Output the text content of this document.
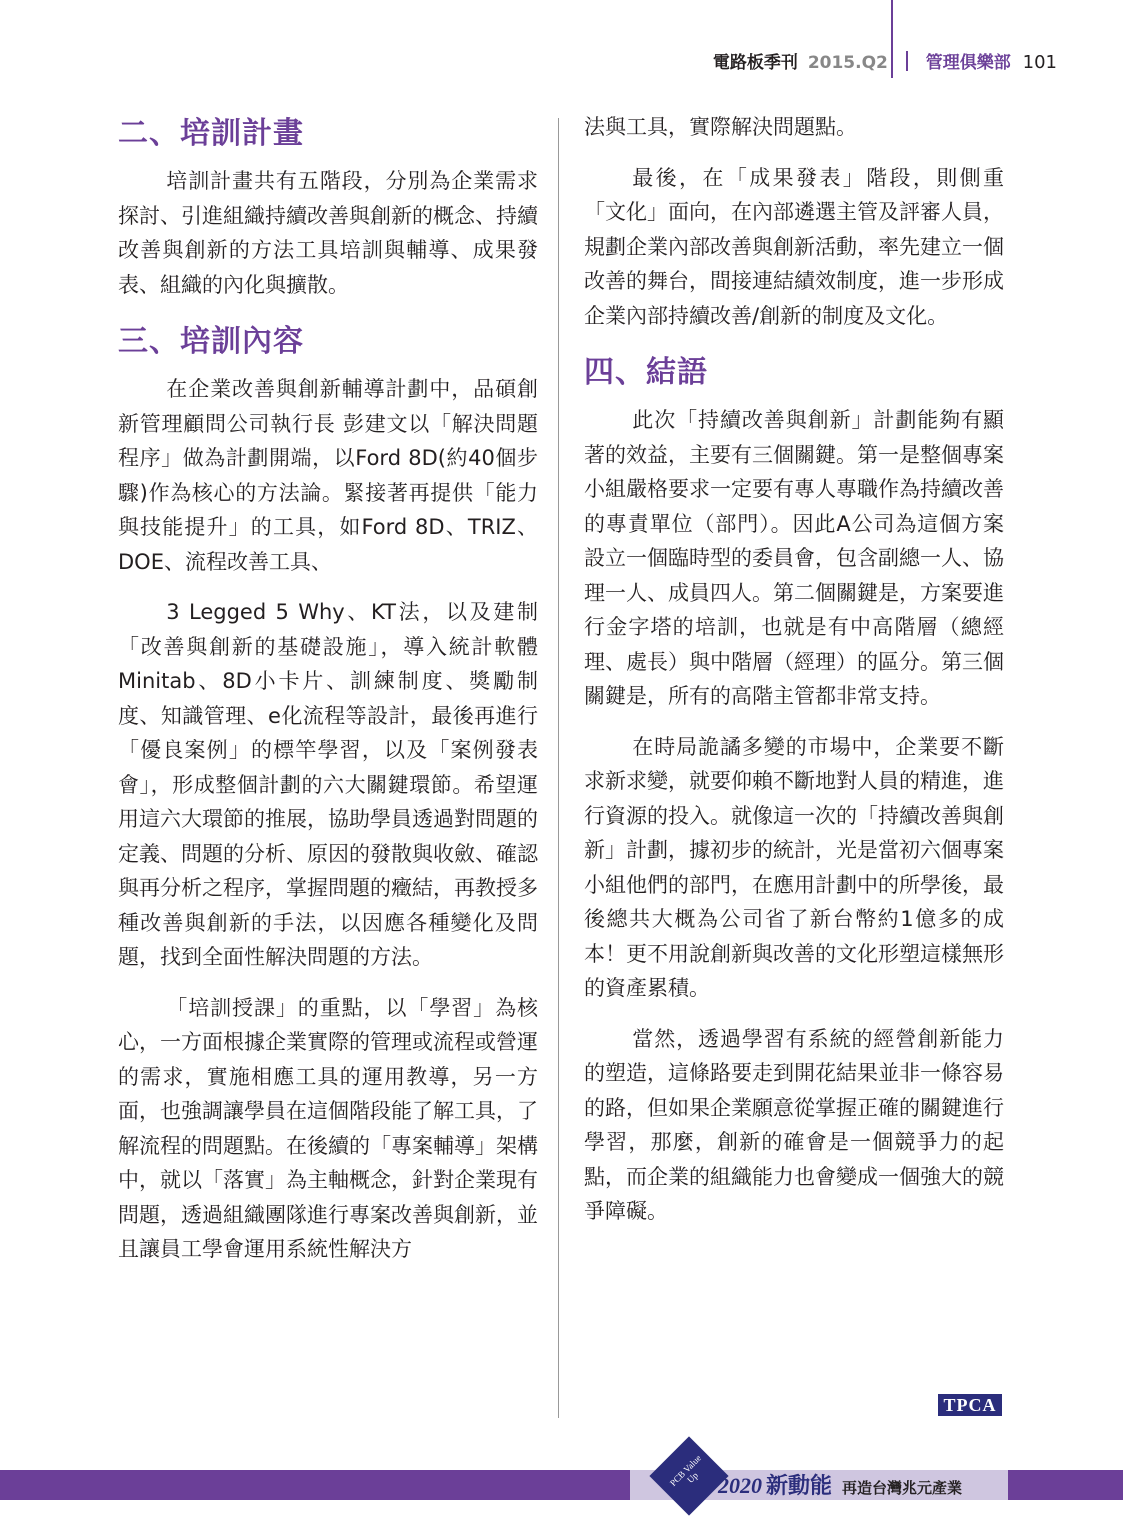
電路板季刊 2015.Q2 管理俱樂部 101
二、培訓計畫

培訓計畫共有五階段，分別為企業需求探討、引進組織持續改善與創新的概念、持續改善與創新的方法工具培訓與輔導、成果發表、組織的內化與擴散。

三、培訓內容

在企業改善與創新輔導計劃中，品碩創新管理顧問公司執行長 彭建文以「解決問題程序」做為計劃開端，以Ford 8D(約40個步驟)作為核心的方法論。緊接著再提供「能力與技能提升」的工具，如Ford 8D、TRIZ、DOE、流程改善工具、

3 Legged 5 Why、KT法，以及建制「改善與創新的基礎設施」，導入統計軟體 Minitab、8D小卡片、訓練制度、獎勵制度、知識管理、e化流程等設計，最後再進行「優良案例」的標竿學習，以及「案例發表會」，形成整個計劃的六大關鍵環節。希望運用這六大環節的推展，協助學員透過對問題的定義、問題的分析、原因的發散與收斂、確認與再分析之程序，掌握問題的癥結，再教授多種改善與創新的手法，以因應各種變化及問題，找到全面性解決問題的方法。

「培訓授課」的重點，以「學習」為核心，一方面根據企業實際的管理或流程或營運的需求，實施相應工具的運用教導，另一方面，也強調讓學員在這個階段能了解工具，了解流程的問題點。在後續的「專案輔導」架構中，就以「落實」為主軸概念，針對企業現有問題，透過組織團隊進行專案改善與創新，並且讓員工學會運用系統性解決方

法與工具，實際解決問題點。

最後，在「成果發表」階段，則側重「文化」面向，在內部遴選主管及評審人員，規劃企業內部改善與創新活動，率先建立一個改善的舞台，間接連結績效制度，進一步形成企業內部持續改善/創新的制度及文化。

四、結語

此次「持續改善與創新」計劃能夠有顯著的效益，主要有三個關鍵。第一是整個專案小組嚴格要求一定要有專人專職作為持續改善的專責單位（部門）。因此A公司為這個方案設立一個臨時型的委員會，包含副總一人、協理一人、成員四人。第二個關鍵是，方案要進行金字塔的培訓，也就是有中高階層（總經理、處長）與中階層（經理）的區分。第三個關鍵是，所有的高階主管都非常支持。

在時局詭譎多變的市場中，企業要不斷求新求變，就要仰賴不斷地對人員的精進，進行資源的投入。就像這一次的「持續改善與創新」計劃，據初步的統計，光是當初六個專案小組他們的部門，在應用計劃中的所學後，最後總共大概為公司省了新台幣約1億多的成本！更不用說創新與改善的文化形塑這樣無形的資產累積。

當然，透過學習有系統的經營創新能力的塑造，這條路要走到開花結果並非一條容易的路，但如果企業願意從掌握正確的關鍵進行學習，那麼，創新的確會是一個競爭力的起點，而企業的組織能力也會變成一個強大的競爭障礙。

TPCA
PCB Value Up 2020 新動能 再造台灣兆元產業
